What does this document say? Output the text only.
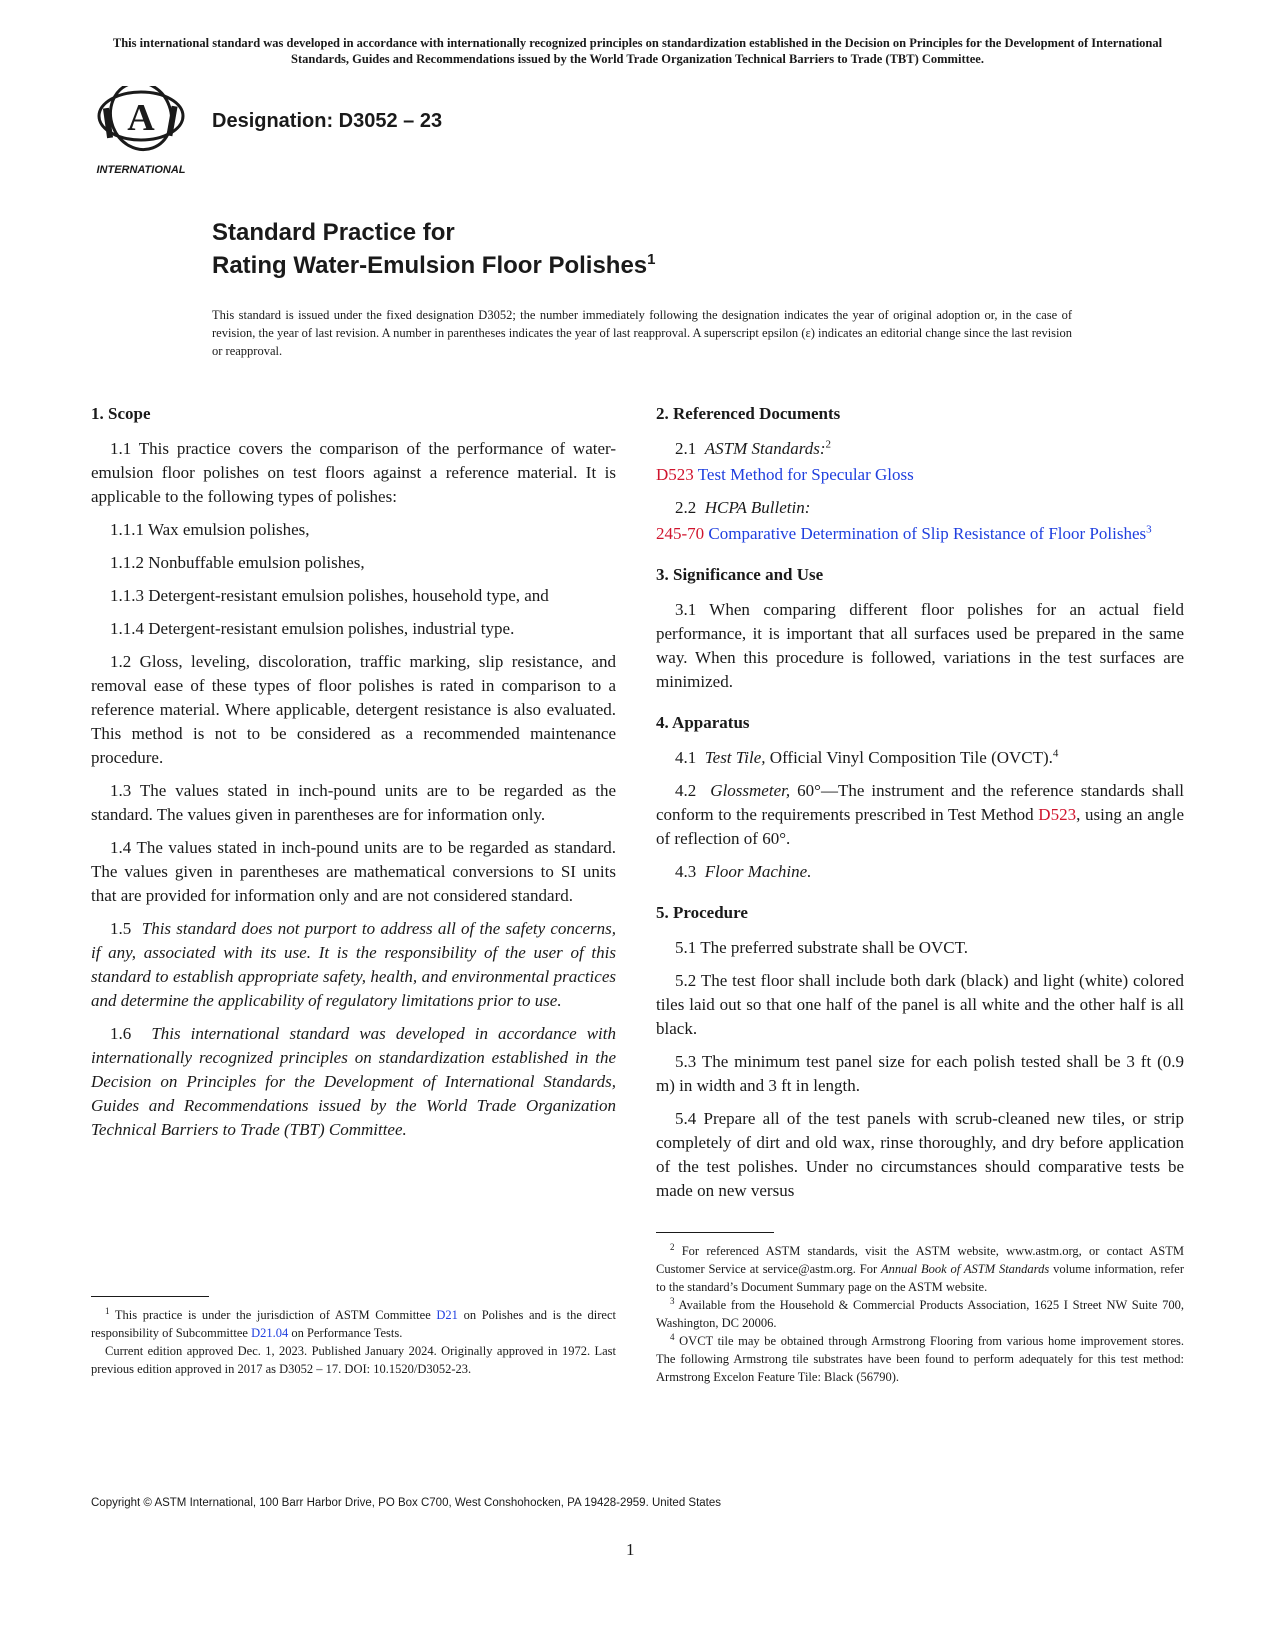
This international standard was developed in accordance with internationally recognized principles on standardization established in the Decision on Principles for the Development of International Standards, Guides and Recommendations issued by the World Trade Organization Technical Barriers to Trade (TBT) Committee.
A
INTERNATIONAL
Designation: D3052 – 23
Standard Practice for
Rating Water-Emulsion Floor Polishes$^1$
This standard is issued under the fixed designation D3052; the number immediately following the designation indicates the year of original adoption or, in the case of revision, the year of last revision. A number in parentheses indicates the year of last reapproval. A superscript epsilon (ε) indicates an editorial change since the last revision or reapproval.
1. Scope

1.1 This practice covers the comparison of the performance of water-emulsion floor polishes on test floors against a reference material. It is applicable to the following types of polishes:

1.1.1 Wax emulsion polishes,

1.1.2 Nonbuffable emulsion polishes,

1.1.3 Detergent-resistant emulsion polishes, household type, and

1.1.4 Detergent-resistant emulsion polishes, industrial type.

1.2 Gloss, leveling, discoloration, traffic marking, slip resistance, and removal ease of these types of floor polishes is rated in comparison to a reference material. Where applicable, detergent resistance is also evaluated. This method is not to be considered as a recommended maintenance procedure.

1.3 The values stated in inch-pound units are to be regarded as the standard. The values given in parentheses are for information only.

1.4 The values stated in inch-pound units are to be regarded as standard. The values given in parentheses are mathematical conversions to SI units that are provided for information only and are not considered standard.

1.5 This standard does not purport to address all of the safety concerns, if any, associated with its use. It is the responsibility of the user of this standard to establish appropriate safety, health, and environmental practices and determine the applicability of regulatory limitations prior to use.

1.6 This international standard was developed in accordance with internationally recognized principles on standardization established in the Decision on Principles for the Development of International Standards, Guides and Recommendations issued by the World Trade Organization Technical Barriers to Trade (TBT) Committee.

2. Referenced Documents

2.1 ASTM Standards:$^2$

D523 Test Method for Specular Gloss

2.2 HCPA Bulletin:

245-70 Comparative Determination of Slip Resistance of Floor Polishes$^3$
3. Significance and Use

3.1 When comparing different floor polishes for an actual field performance, it is important that all surfaces used be prepared in the same way. When this procedure is followed, variations in the test surfaces are minimized.

4. Apparatus

4.1 Test Tile, Official Vinyl Composition Tile (OVCT).$^4$

4.2 Glossmeter, 60°—The instrument and the reference standards shall conform to the requirements prescribed in Test Method D523, using an angle of reflection of 60°.

4.3 Floor Machine.

5. Procedure

5.1 The preferred substrate shall be OVCT.

5.2 The test floor shall include both dark (black) and light (white) colored tiles laid out so that one half of the panel is all white and the other half is all black.

5.3 The minimum test panel size for each polish tested shall be 3 ft (0.9 m) in width and 3 ft in length.

5.4 Prepare all of the test panels with scrub-cleaned new tiles, or strip completely of dirt and old wax, rinse thoroughly, and dry before application of the test polishes. Under no circumstances should comparative tests be made on new versus

$^1$ This practice is under the jurisdiction of ASTM Committee D21 on Polishes and is the direct responsibility of Subcommittee D21.04 on Performance Tests.

Current edition approved Dec. 1, 2023. Published January 2024. Originally approved in 1972. Last previous edition approved in 2017 as D3052 – 17. DOI: 10.1520/D3052-23.

$^2$ For referenced ASTM standards, visit the ASTM website, www.astm.org, or contact ASTM Customer Service at service@astm.org. For Annual Book of ASTM Standards volume information, refer to the standard’s Document Summary page on the ASTM website.

$^3$ Available from the Household & Commercial Products Association, 1625 I Street NW Suite 700, Washington, DC 20006.

$^4$ OVCT tile may be obtained through Armstrong Flooring from various home improvement stores. The following Armstrong tile substrates have been found to perform adequately for this test method: Armstrong Excelon Feature Tile: Black (56790).

Copyright © ASTM International, 100 Barr Harbor Drive, PO Box C700, West Conshohocken, PA 19428-2959. United States
1
